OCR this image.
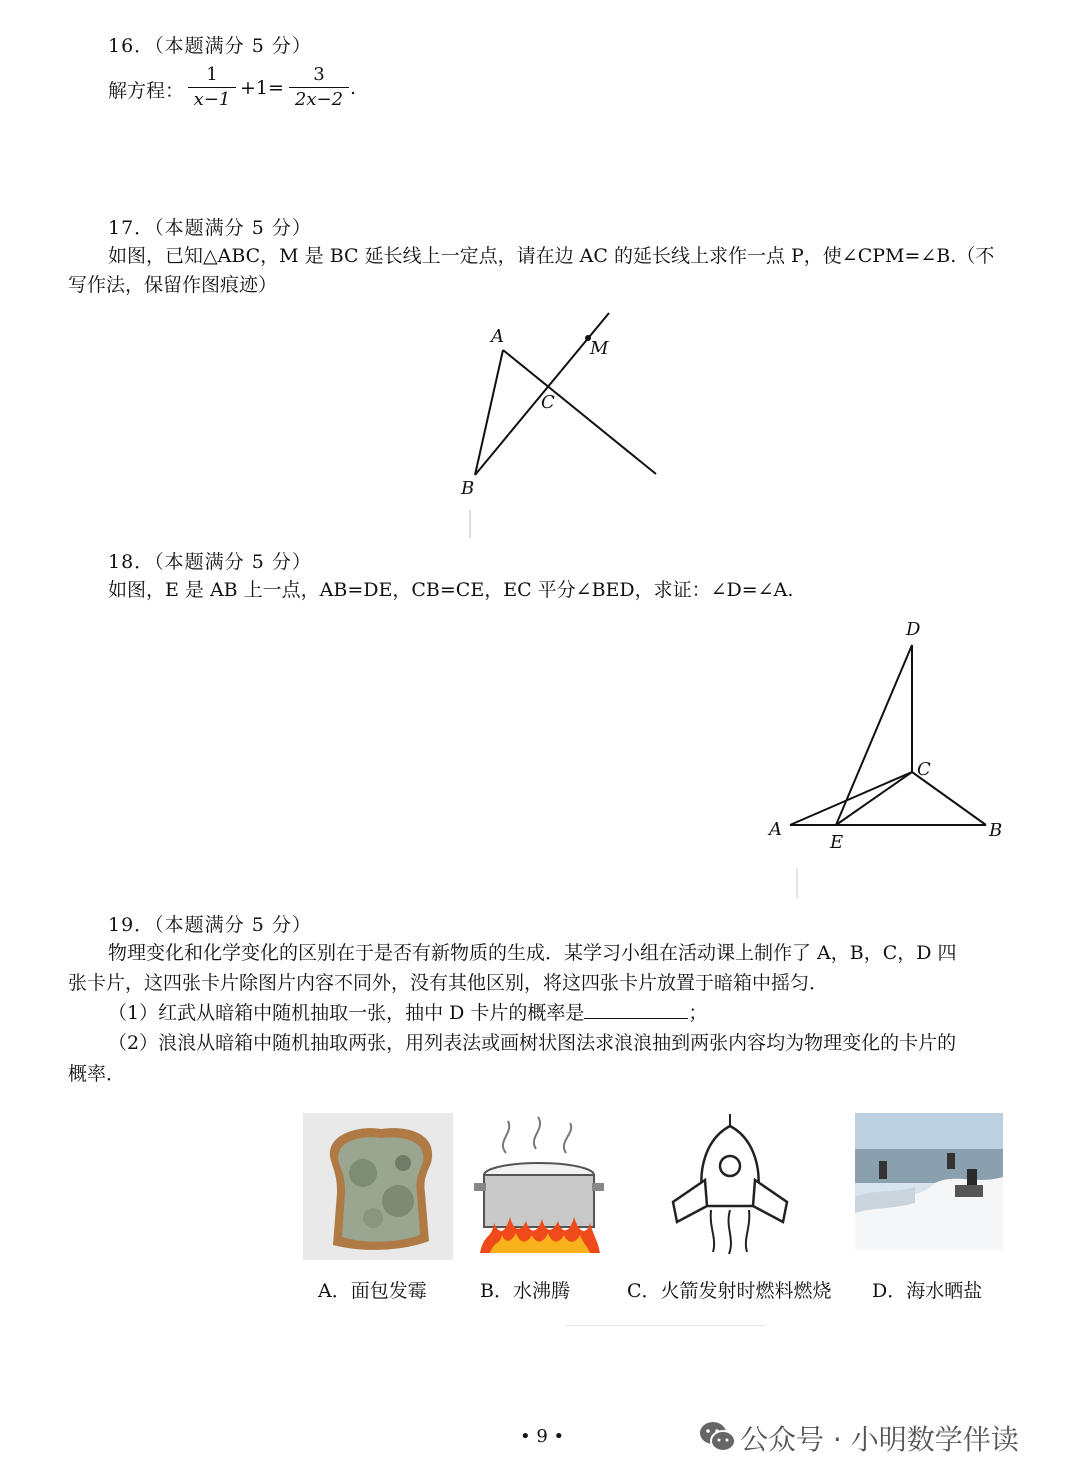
16．（本题满分 5 分）
解方程：
1
x−1
+1=
3
2x−2
.
17．（本题满分 5 分）
如图，已知△ABC，M 是 BC 延长线上一定点，请在边 AC 的延长线上求作一点 P，使∠CPM=∠B.（不
写作法，保留作图痕迹）
A
B
C
M
18．（本题满分 5 分）
如图，E 是 AB 上一点，AB=DE，CB=CE，EC 平分∠BED，求证：∠D=∠A.
D
C
A	B
E
19．（本题满分 5 分）
物理变化和化学变化的区别在于是否有新物质的生成．某学习小组在活动课上制作了 A，B，C，D 四
张卡片，这四张卡片除图片内容不同外，没有其他区别，将这四张卡片放置于暗箱中摇匀．
（1）红武从暗箱中随机抽取一张，抽中 D 卡片的概率是	；
（2）浪浪从暗箱中随机抽取两张，用列表法或画树状图法求浪浪抽到两张内容均为物理变化的卡片的
概率．
A．面包发霉	B．水沸腾	C．火箭发射时燃料燃烧 D．海水晒盐
• 9 •	公众号 · 小明数学伴读
